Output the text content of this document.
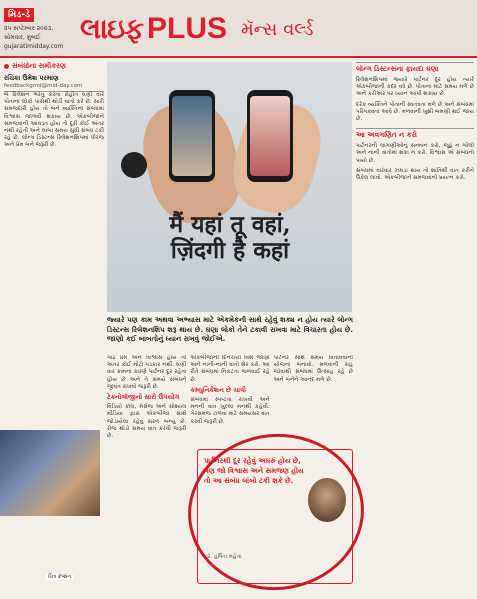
મિડ-ડે
૨૫ સપ્ટેમ્બર ૨૦૨૩,
સોમવાર, મુંબઈ
gujaratimidday.com
લાઇફ PLUS મૅન્સ વર્લ્ડ
સંબંધોના સમીકરણ
રચિકા ઉમેશ પરમાણ
feedbackgmd@mid-day.com
બે રિલેશન ભરતુ કરતા રોહીત ઘણી વાર પોતાના લોકો પાસેથી થોડી વાતો કરે છે. સારી સમજદારી હોય તો બંને વ્યક્તિના સંબંધમાં વિશ્વાસ જાળવી શકાય છે. એકબીજાને સમજવાની આવડત હોય તો દૂરી કોઈ અંતર નથી રહેતી અને લાંબા સમય સુધી સંબંધ ટકી રહે છે. લોન્ગ ડિસ્ટન્સ રિલેશનશિપમાં ધીરજ અને પ્રેમ બંને જરૂરી છે.
ચિત્ર કૅપ્શન
मैं यहां तू वहां,
ज़िंदगी है कहां
જ્યારે પણ કામ અથવા અભ્યાસ માટે એકમેકની સાથે રહેવું શક્ય ન હોય ત્યારે લોન્ગ ડિસ્ટન્સ રિલેશનશિપ શરૂ થાય છે. ઘણા લોકો તેને ટકાવી રાખવા માટે વિચારતા હોય છે. જાણો કઈ બાબતોનું ધ્યાન રાખવું જોઈએ.
ગાઢ પ્રેમ અને વિશ્વાસ હોય તો અંતર કોઈ મોટો પડકાર નથી. ઘણી વાર કામના કારણે પાર્ટનર દૂર રહેતા હોય છે અને તે સમયે સંબંધને જીવંત રાખવો જરૂરી છે.
ટેક્નોલૉજીનો સારો ઉપયોગ
વિડિયો કૉલ, મેસેજ અને સોશ્યલ મીડિયા દ્વારા એકબીજા સાથે જોડાયેલા રહેવું સરળ બન્યું છે. રોજ થોડો સમય વાત કરવી જરૂરી છે.
એકબીજાની દિનચર્યા વિશે જાણો અને નાની-નાની વાતો શેર કરો. આ રીતે સંબંધમાં નિકટતા જળવાઈ રહે છે.
કમ્યુનિકેશન છે ચાવી
સંબંધમાં સ્પષ્ટતા રાખવી અને મનની વાત ખુલ્લા મનથી કહેવી. ગેરસમજ ટાળવા માટે સમયસર વાત કરવી જરૂરી છે.
પાર્ટનર સાથે સમય વિતાવવાની યોજના બનાવો. મળવાની રાહ જોવાથી સંબંધમાં ઉત્સાહ રહે છે અને બંનેને આનંદ મળે છે.
પાર્ટનરથી દૂર રહેવું અઘરું હોય છે, પણ જો વિશ્વાસ અને સમજણ હોય તો આ સંબંધ લાંબો ટકી શકે છે.
ડૉ. હર્ષિતા મહેતા
લૉન્ગ ડિસ્ટન્સના ફાયદા ઘણા
રિલેશનશિપમાં જ્યારે પાર્ટનર દૂર હોય ત્યારે એકબીજાની કદર વધે છે. પોતાના માટે સમય મળે છે અને કરીઅર પર ધ્યાન આપી શકાય છે.
દરેક વ્યક્તિને પોતાની સ્વતંત્રતા મળે છે અને સંબંધમાં પરિપક્વતા આવે છે. મળવાની ખુશી બમણી થઈ જાય છે.
આ અવગણિત ન કરો
પાર્ટનરની લાગણીઓનું સન્માન કરો, જૂઠું ન બોલો અને નાની વાતોમાં શંકા ન કરો. વિશ્વાસ એ સંબંધનો પાયો છે.
સંબંધમાં વારંવાર ઝઘડા થાય તો શાંતિથી વાત કરીને ઉકેલ લાવો. એકબીજાને સમજવાનો પ્રયત્ન કરો.
